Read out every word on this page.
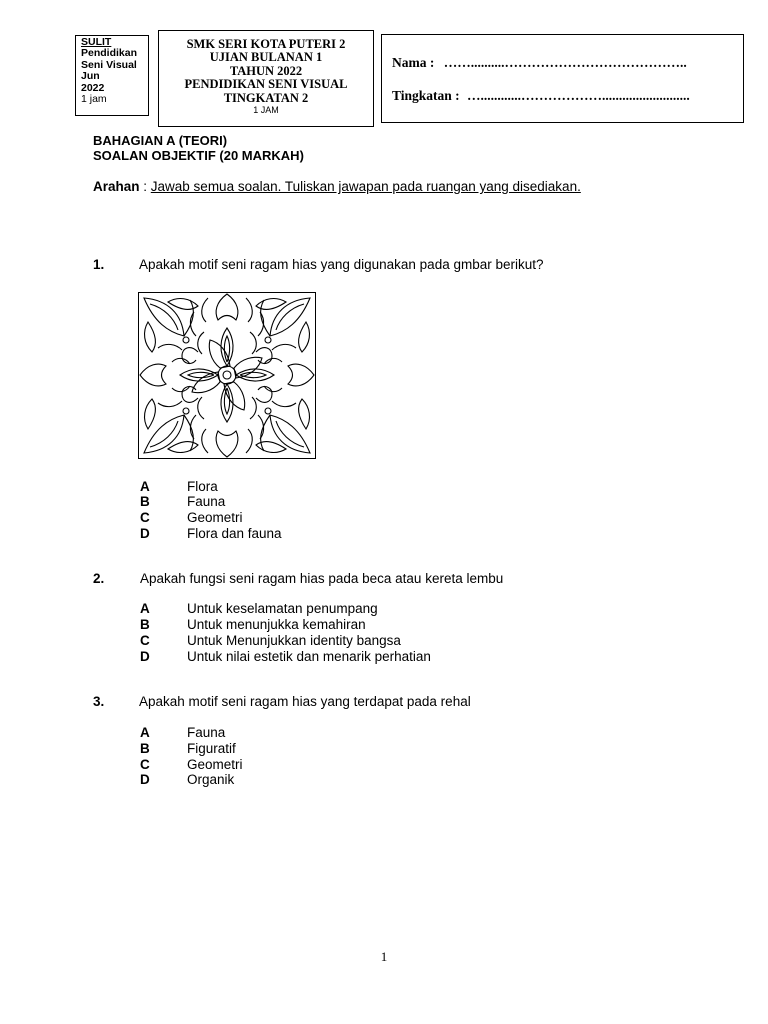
SULIT
Pendidikan
Seni Visual
Jun
2022
1 jam
SMK SERI KOTA PUTERI 2
UJIAN BULANAN 1
TAHUN 2022
PENDIDIKAN SENI VISUAL
TINGKATAN 2
1 JAM
Nama : ……..........…………………………………..
Tingkatan : …............………………..........................
BAHAGIAN A (TEORI)
SOALAN OBJEKTIF (20 MARKAH)
Arahan : Jawab semua soalan. Tuliskan jawapan pada ruangan yang disediakan.
1.	Apakah motif seni ragam hias yang digunakan pada gmbar berikut?
A	Flora
B	Fauna
C	Geometri
D	Flora dan fauna
2.	Apakah fungsi seni ragam hias pada beca atau kereta lembu
A	Untuk keselamatan penumpang
B	Untuk menunjukka kemahiran
C	Untuk Menunjukkan identity bangsa
D	Untuk nilai estetik dan menarik perhatian
3.	Apakah motif seni ragam hias yang terdapat pada rehal
A	Fauna
B	Figuratif
C	Geometri
D	Organik
1
